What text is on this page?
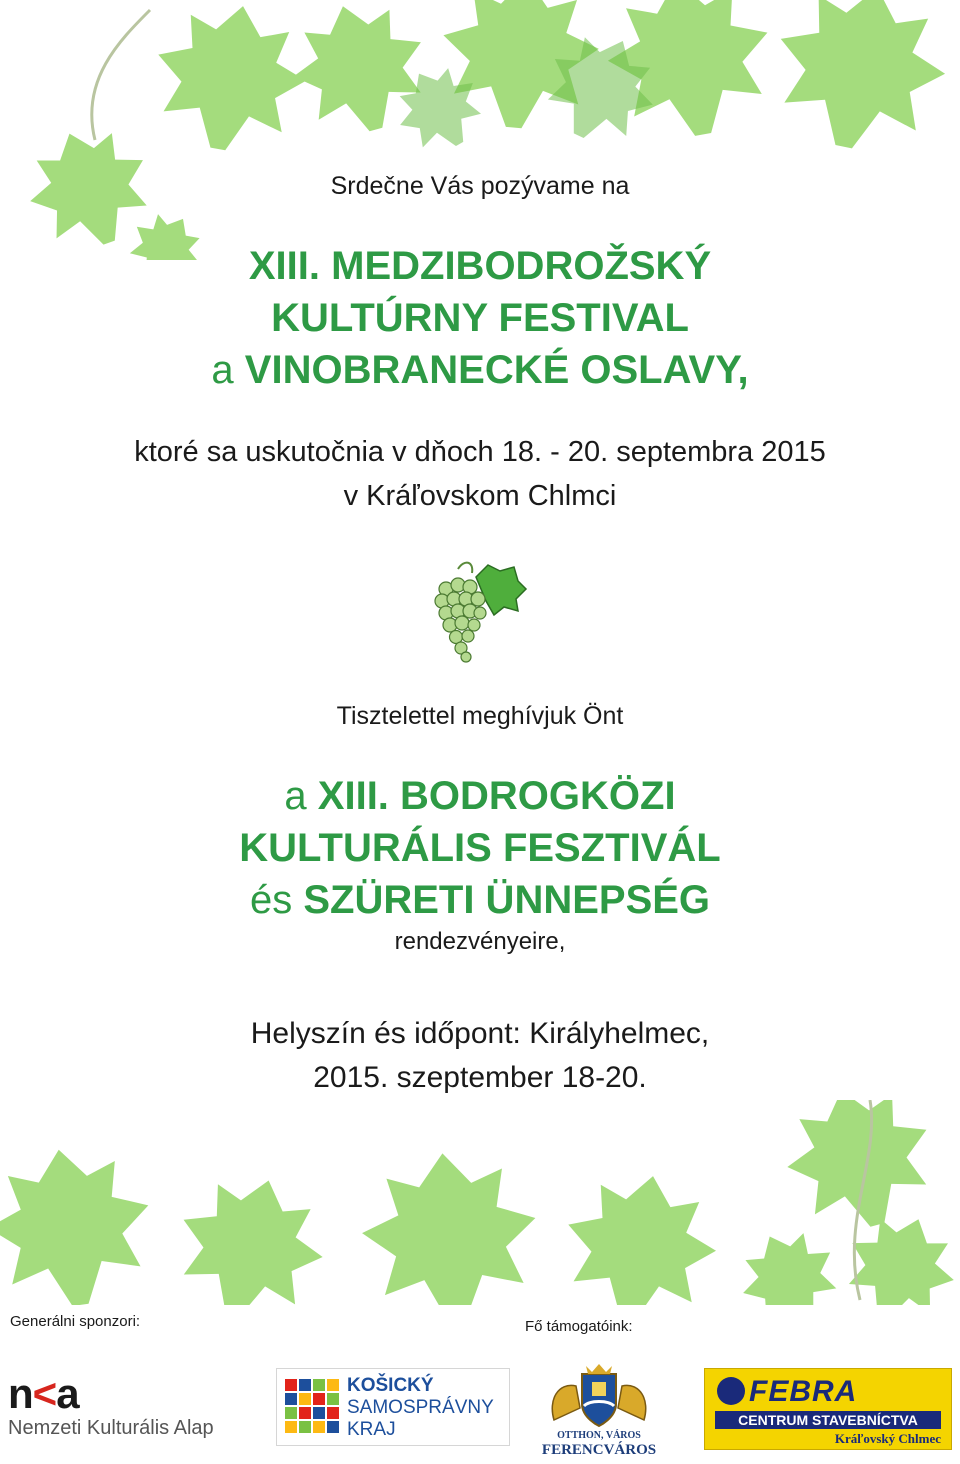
Srdečne Vás pozývame na
XIII. MEDZIBODROŽSKÝ
KULTÚRNY FESTIVAL
a VINOBRANECKÉ OSLAVY,
ktoré sa uskutočnia v dňoch 18. - 20. septembra 2015
v Kráľovskom Chlmci
Tisztelettel meghívjuk Önt
a XIII. BODROGKÖZI
KULTURÁLIS FESZTIVÁL
és SZÜRETI ÜNNEPSÉG
rendezvényeire,
Helyszín és időpont: Királyhelmec,
2015. szeptember 18-20.
Generálni sponzori:	Fő támogatóink:
n<a
Nemzeti Kulturális Alap
KOŠICKÝ
SAMOSPRÁVNY
KRAJ	OTTHON, VÁROS
FERENCVÁROS
FEBRA
CENTRUM STAVEBNÍCTVA
Kráľovský Chlmec
